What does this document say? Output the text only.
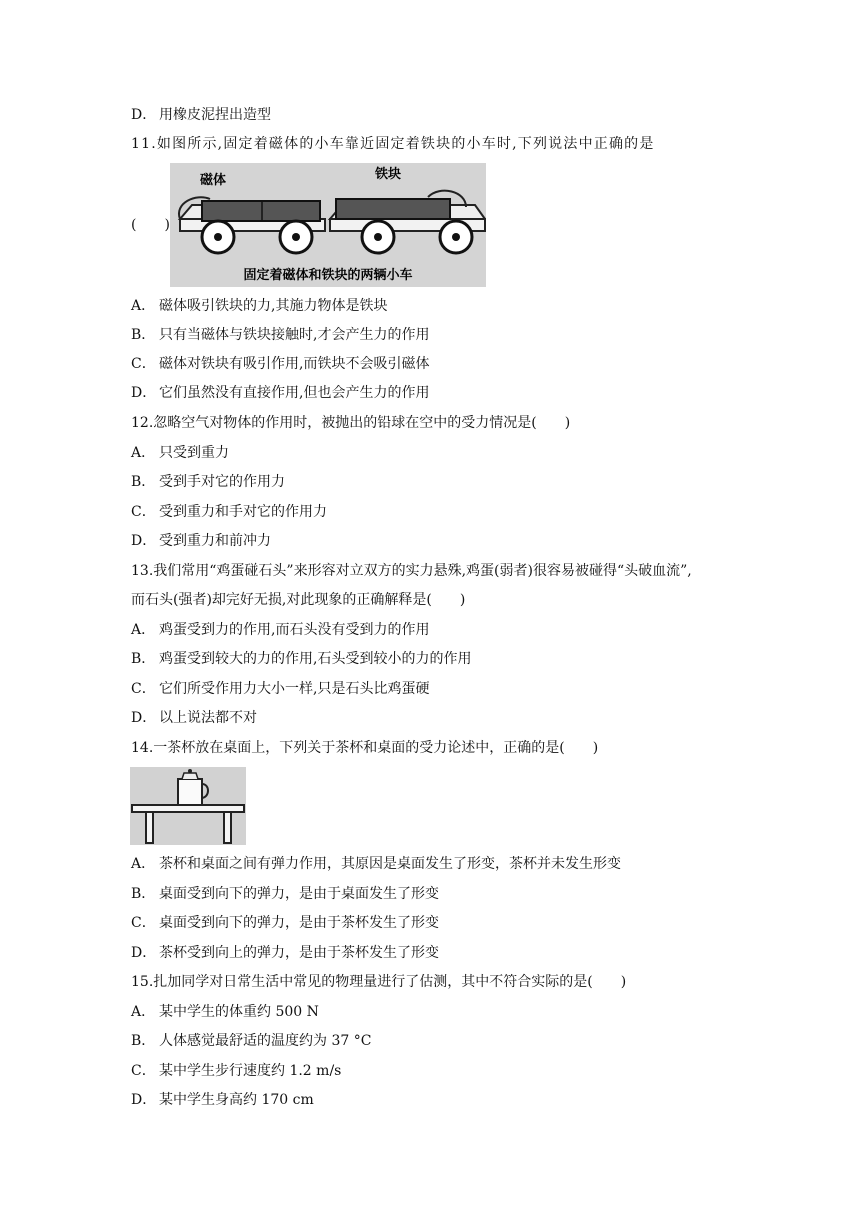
D． 用橡皮泥捏出造型
11.如图所示,固定着磁体的小车靠近固定着铁块的小车时,下列说法中正确的是
(　　)
磁体	铁块
固定着磁体和铁块的两辆小车
A． 磁体吸引铁块的力,其施力物体是铁块
B． 只有当磁体与铁块接触时,才会产生力的作用
C． 磁体对铁块有吸引作用,而铁块不会吸引磁体
D． 它们虽然没有直接作用,但也会产生力的作用
12.忽略空气对物体的作用时，被抛出的铅球在空中的受力情况是(　　)
A． 只受到重力
B． 受到手对它的作用力
C． 受到重力和手对它的作用力
D． 受到重力和前冲力
13.我们常用“鸡蛋碰石头”来形容对立双方的实力悬殊,鸡蛋(弱者)很容易被碰得“头破血流”,
而石头(强者)却完好无损,对此现象的正确解释是(　　)
A． 鸡蛋受到力的作用,而石头没有受到力的作用
B． 鸡蛋受到较大的力的作用,石头受到较小的力的作用
C． 它们所受作用力大小一样,只是石头比鸡蛋硬
D． 以上说法都不对
14.一茶杯放在桌面上，下列关于茶杯和桌面的受力论述中，正确的是(　　)
A． 茶杯和桌面之间有弹力作用，其原因是桌面发生了形变，茶杯并未发生形变
B． 桌面受到向下的弹力，是由于桌面发生了形变
C． 桌面受到向下的弹力，是由于茶杯发生了形变
D． 茶杯受到向上的弹力，是由于茶杯发生了形变
15.扎加同学对日常生活中常见的物理量进行了估测，其中不符合实际的是(　　)
A． 某中学生的体重约 500 N
B． 人体感觉最舒适的温度约为 37 °C
C． 某中学生步行速度约 1.2 m/s
D． 某中学生身高约 170 cm
